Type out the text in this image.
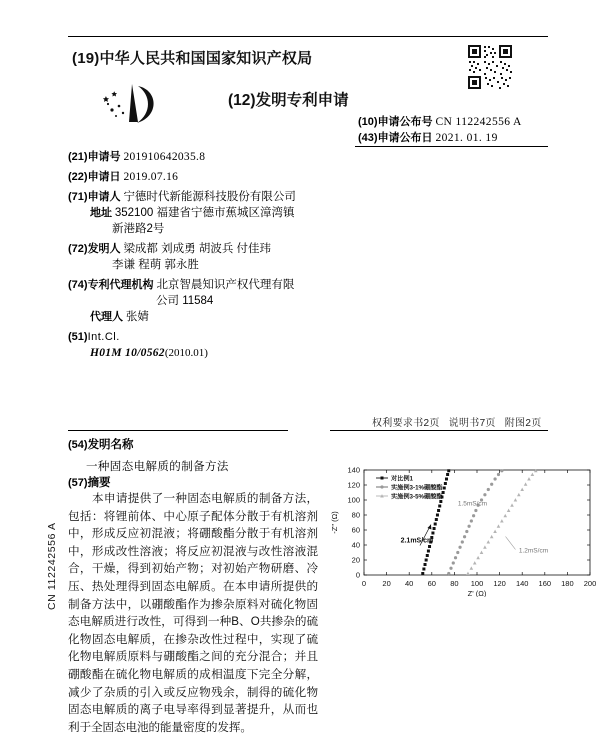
CN 112242556 A
(19)中华人民共和国国家知识产权局
(12)发明专利申请
(10)申请公布号 CN 112242556 A
(43)申请公布日 2021. 01. 19
(21)申请号 201910642035.8
(22)申请日 2019.07.16
(71)申请人 宁德时代新能源科技股份有限公司
地址 352100 福建省宁德市蕉城区漳湾镇
新港路2号
(72)发明人 梁成都 刘成勇 胡波兵 付佳玮
李谦 程萌 郭永胜
(74)专利代理机构 北京智晨知识产权代理有限
公司 11584
代理人 张婧
(51)Int.Cl.
H01M 10/0562(2010.01)
权利要求书2页 说明书7页 附图2页
(54)发明名称
一种固态电解质的制备方法
(57)摘要
本申请提供了一种固态电解质的制备方法，包括：将锂前体、中心原子配体分散于有机溶剂中，形成反应初混液；将硼酸酯分散于有机溶剂中，形成改性溶液；将反应初混液与改性溶液混合，干燥，得到初始产物；对初始产物研磨、冷压、热处理得到固态电解质。在本申请所提供的制备方法中，以硼酸酯作为掺杂原料对硫化物固态电解质进行改性，可得到一种B、O共掺杂的硫化物固态电解质，在掺杂改性过程中，实现了硫化物电解质原料与硼酸酯之间的充分混合；并且硼酸酯在硫化物电解质的成相温度下完全分解，减少了杂质的引入或反应物残余，制得的硫化物固态电解质的离子电导率得到显著提升，从而也利于全固态电池的能量密度的发挥。
0 20 40 60 80 100 120 140 160 180 200
0
20
40
60
80
100
120
140
Z' (Ω)
-Z" (Ω)
2.1mS/cm
1.5mS/cm
1.2mS/cm
对比例1
实施例3-1%硼酸酯
实施例3-5%硼酸酯
